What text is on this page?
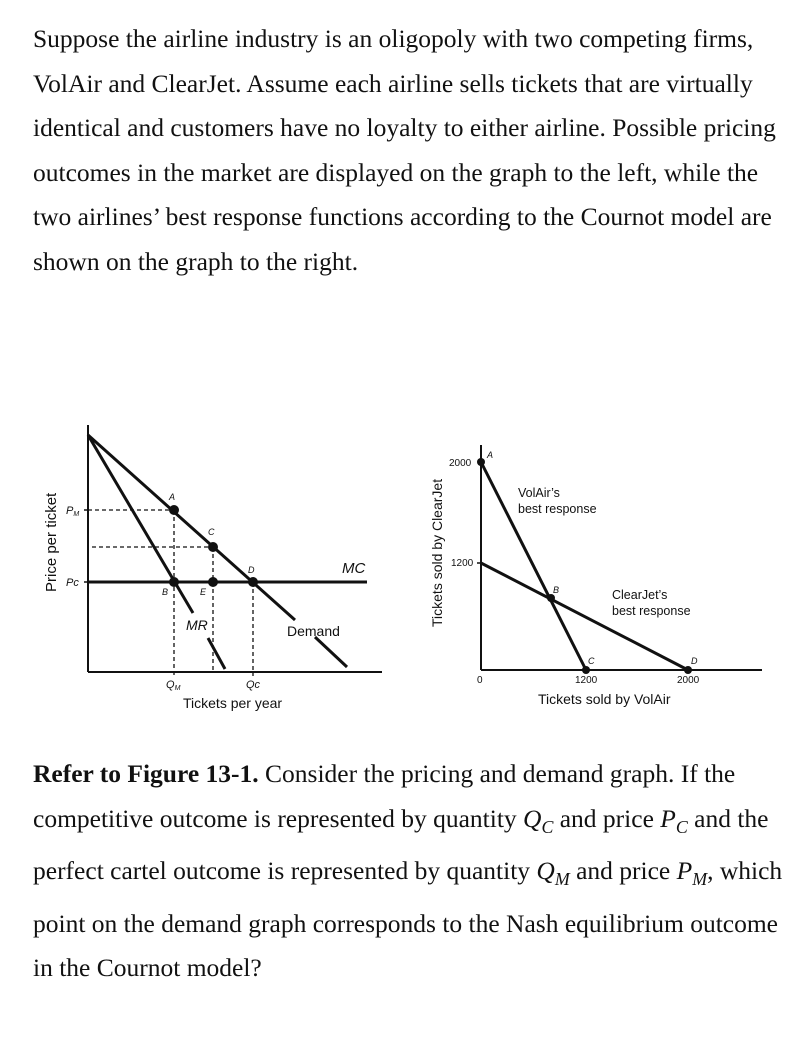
Suppose the airline industry is an oligopoly with two competing firms, VolAir and ClearJet. Assume each airline sells tickets that are virtually identical and customers have no loyalty to either airline. Possible pricing outcomes in the market are displayed on the graph to the left, while the two airlines’ best response functions according to the Cournot model are shown on the graph to the right.
Price per ticket PM
Pc
A
C
D
B	E
MC
MR	Demand
QM	Qc
Tickets per year
Tickets sold by ClearJet
2000
1200
0	1200	2000
A
B
C	D
VolAir’s best response
ClearJet’s best response
Tickets sold by VolAir
Refer to Figure 13-1. Consider the pricing and demand graph. If the competitive outcome is represented by quantity $Q_C$ and price $P_C$ and the perfect cartel outcome is represented by quantity $Q_M$ and price $P_M$, which point on the demand graph corresponds to the Nash equilibrium outcome in the Cournot model?
